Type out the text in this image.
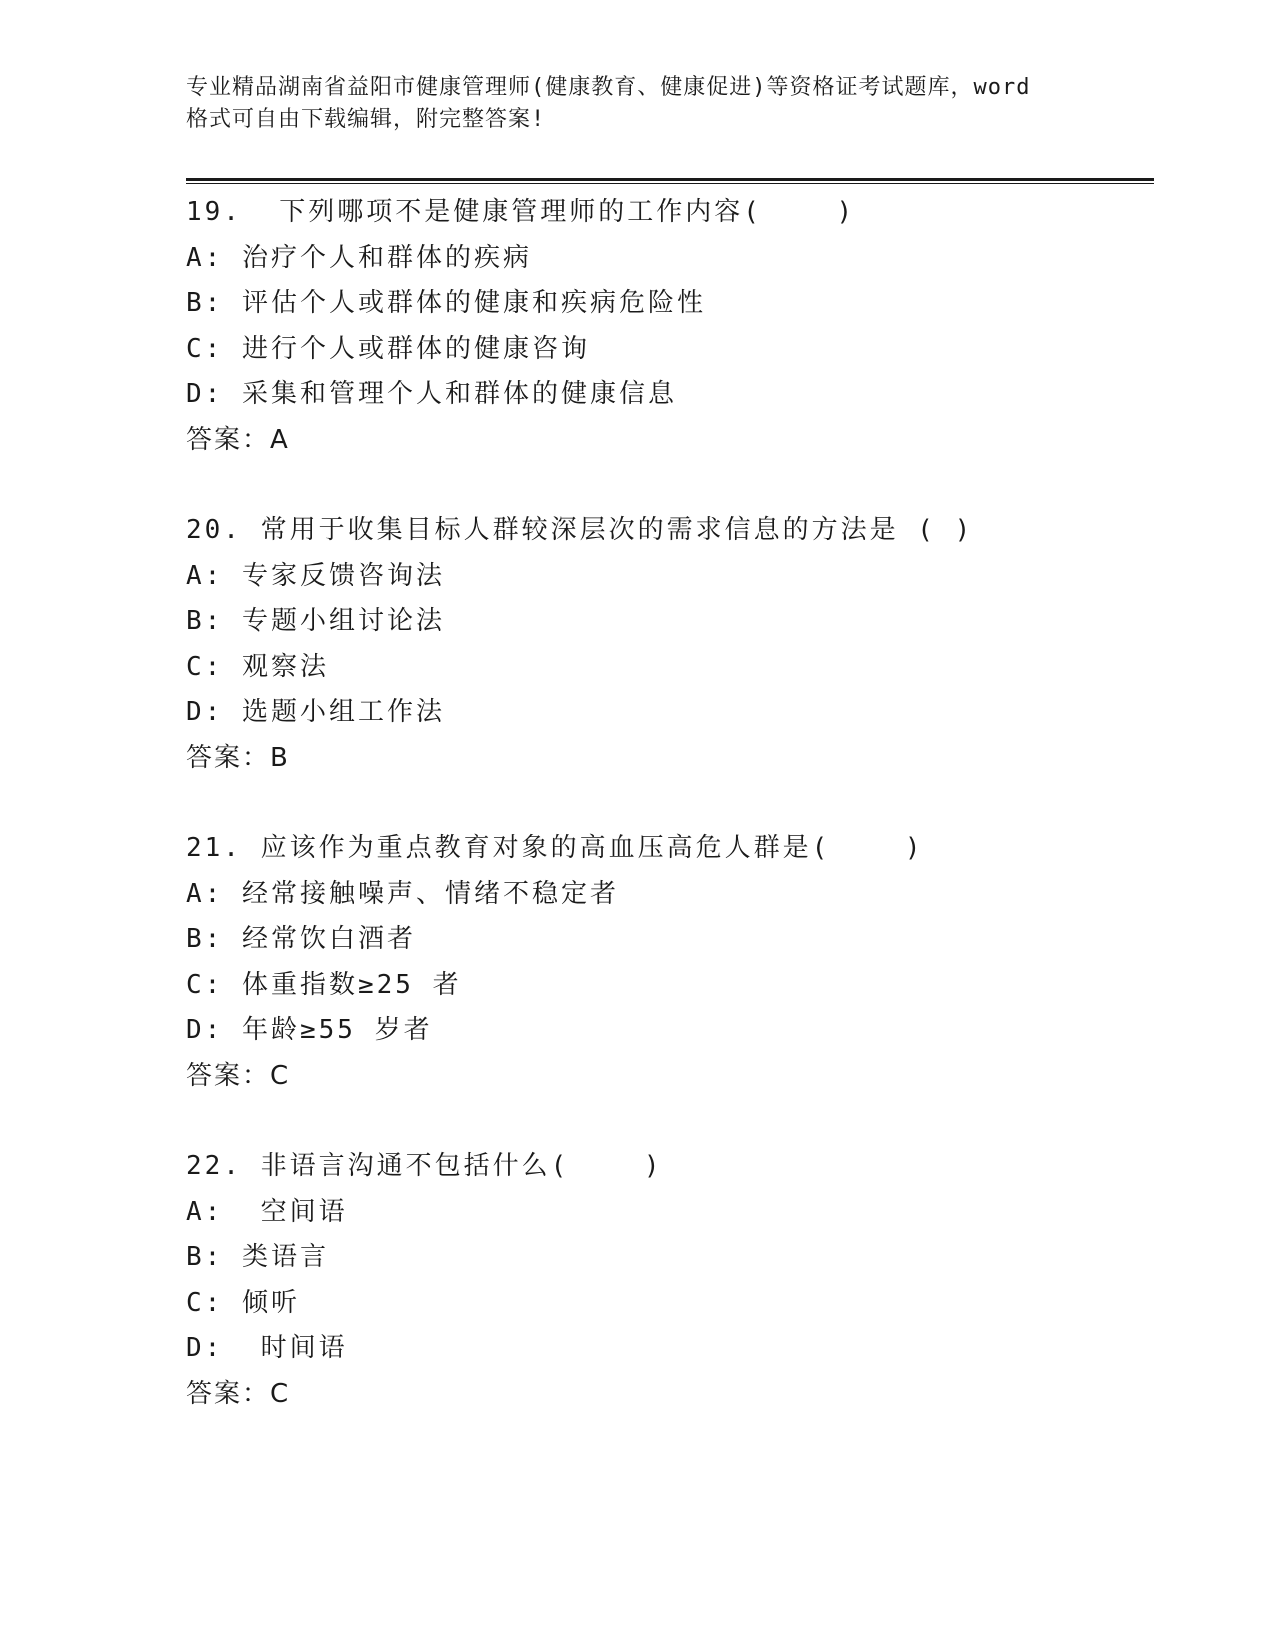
专业精品湖南省益阳市健康管理师(健康教育、健康促进)等资格证考试题库，word

格式可自由下载编辑，附完整答案!

19.  下列哪项不是健康管理师的工作内容(    )
A: 治疗个人和群体的疾病
B: 评估个人或群体的健康和疾病危险性
C: 进行个人或群体的健康咨询
D: 采集和管理个人和群体的健康信息
答案：A
20. 常用于收集目标人群较深层次的需求信息的方法是 ( )
A: 专家反馈咨询法
B: 专题小组讨论法
C: 观察法
D: 选题小组工作法
答案：B
21. 应该作为重点教育对象的高血压高危人群是(    )
A: 经常接触噪声、情绪不稳定者
B: 经常饮白酒者
C: 体重指数≥25 者
D: 年龄≥55 岁者
答案：C
22. 非语言沟通不包括什么(    )
A:  空间语
B: 类语言
C: 倾听
D:  时间语
答案：C
